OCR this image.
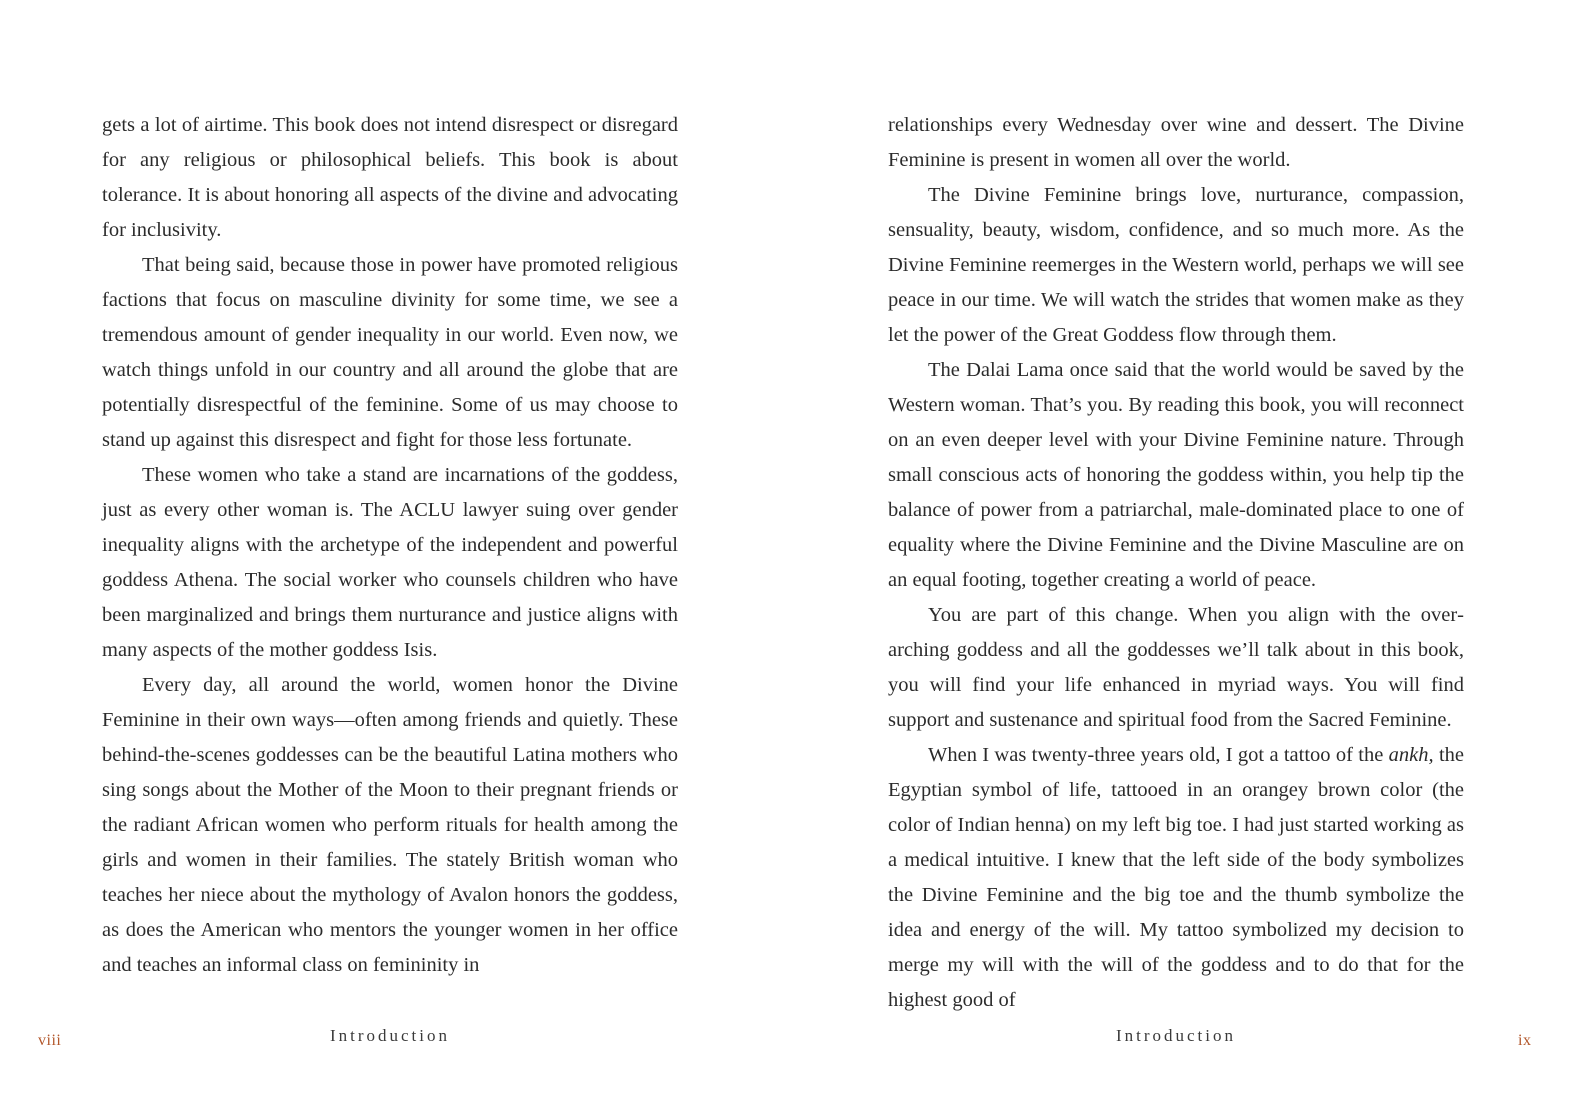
gets a lot of airtime. This book does not intend disrespect or disregard for any religious or philosophical beliefs. This book is about tolerance. It is about honoring all aspects of the divine and advocating for inclusivity.

That being said, because those in power have promoted religious factions that focus on masculine divinity for some time, we see a tremendous amount of gender inequality in our world. Even now, we watch things unfold in our country and all around the globe that are potentially disrespectful of the feminine. Some of us may choose to stand up against this disrespect and fight for those less fortunate.

These women who take a stand are incarnations of the goddess, just as every other woman is. The ACLU lawyer suing over gender inequality aligns with the archetype of the independent and powerful goddess Athena. The social worker who counsels children who have been marginalized and brings them nurturance and justice aligns with many aspects of the mother goddess Isis.

Every day, all around the world, women honor the Divine Feminine in their own ways—often among friends and quietly. These behind-the-scenes goddesses can be the beautiful Latina mothers who sing songs about the Mother of the Moon to their pregnant friends or the radiant African women who perform rituals for health among the girls and women in their families. The stately British woman who teaches her niece about the mythology of Avalon honors the goddess, as does the American who mentors the younger women in her office and teaches an informal class on femininity in

viii	Introduction

relationships every Wednesday over wine and dessert. The Divine Feminine is present in women all over the world.

The Divine Feminine brings love, nurturance, compassion, sensuality, beauty, wisdom, confidence, and so much more. As the Divine Feminine reemerges in the Western world, perhaps we will see peace in our time. We will watch the strides that women make as they let the power of the Great Goddess flow through them.

The Dalai Lama once said that the world would be saved by the Western woman. That’s you. By reading this book, you will reconnect on an even deeper level with your Divine Feminine nature. Through small conscious acts of honoring the goddess within, you help tip the balance of power from a patriarchal, male-dominated place to one of equality where the Divine Feminine and the Divine Masculine are on an equal footing, together creating a world of peace.

You are part of this change. When you align with the overarching goddess and all the goddesses we’ll talk about in this book, you will find your life enhanced in myriad ways. You will find support and sustenance and spiritual food from the Sacred Feminine.

When I was twenty-three years old, I got a tattoo of the ankh, the Egyptian symbol of life, tattooed in an orangey brown color (the color of Indian henna) on my left big toe. I had just started working as a medical intuitive. I knew that the left side of the body symbolizes the Divine Feminine and the big toe and the thumb symbolize the idea and energy of the will. My tattoo symbolized my decision to merge my will with the will of the goddess and to do that for the highest good of

Introduction	ix
